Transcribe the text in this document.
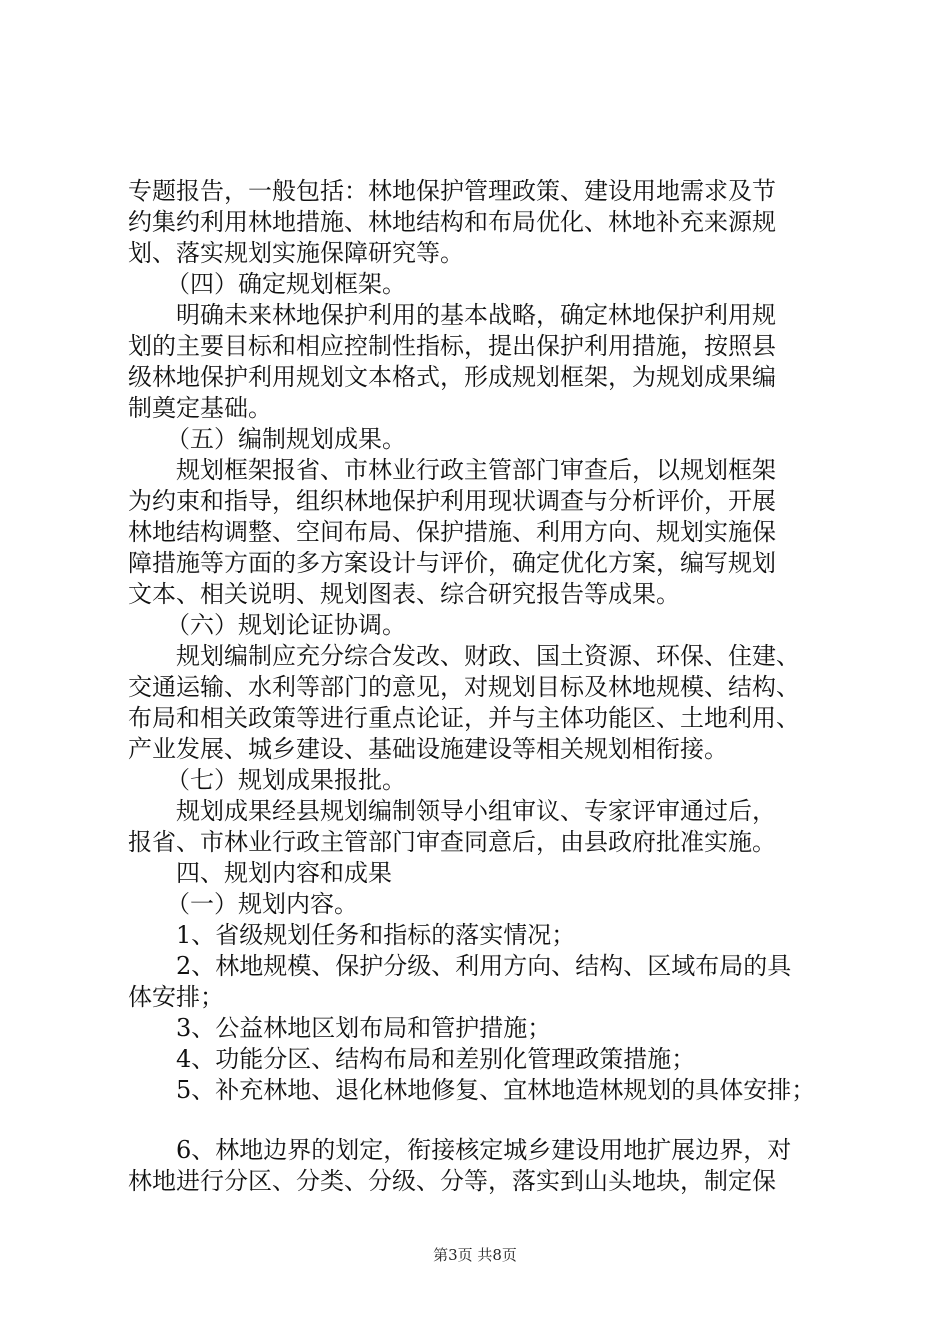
专题报告，一般包括：林地保护管理政策、建设用地需求及节
约集约利用林地措施、林地结构和布局优化、林地补充来源规
划、落实规划实施保障研究等。
（四）确定规划框架。
明确未来林地保护利用的基本战略，确定林地保护利用规
划的主要目标和相应控制性指标，提出保护利用措施，按照县
级林地保护利用规划文本格式，形成规划框架，为规划成果编
制奠定基础。
（五）编制规划成果。
规划框架报省、市林业行政主管部门审查后，以规划框架
为约束和指导，组织林地保护利用现状调查与分析评价，开展
林地结构调整、空间布局、保护措施、利用方向、规划实施保
障措施等方面的多方案设计与评价，确定优化方案，编写规划
文本、相关说明、规划图表、综合研究报告等成果。
（六）规划论证协调。
规划编制应充分综合发改、财政、国土资源、环保、住建、
交通运输、水利等部门的意见，对规划目标及林地规模、结构、
布局和相关政策等进行重点论证，并与主体功能区、土地利用、
产业发展、城乡建设、基础设施建设等相关规划相衔接。
（七）规划成果报批。
规划成果经县规划编制领导小组审议、专家评审通过后，
报省、市林业行政主管部门审查同意后，由县政府批准实施。
四、规划内容和成果
（一）规划内容。
1、省级规划任务和指标的落实情况；
2、林地规模、保护分级、利用方向、结构、区域布局的具
体安排；
3、公益林地区划布局和管护措施；
4、功能分区、结构布局和差别化管理政策措施；
5、补充林地、退化林地修复、宜林地造林规划的具体安排；
6、林地边界的划定，衔接核定城乡建设用地扩展边界，对
林地进行分区、分类、分级、分等，落实到山头地块，制定保
第3页 共8页
